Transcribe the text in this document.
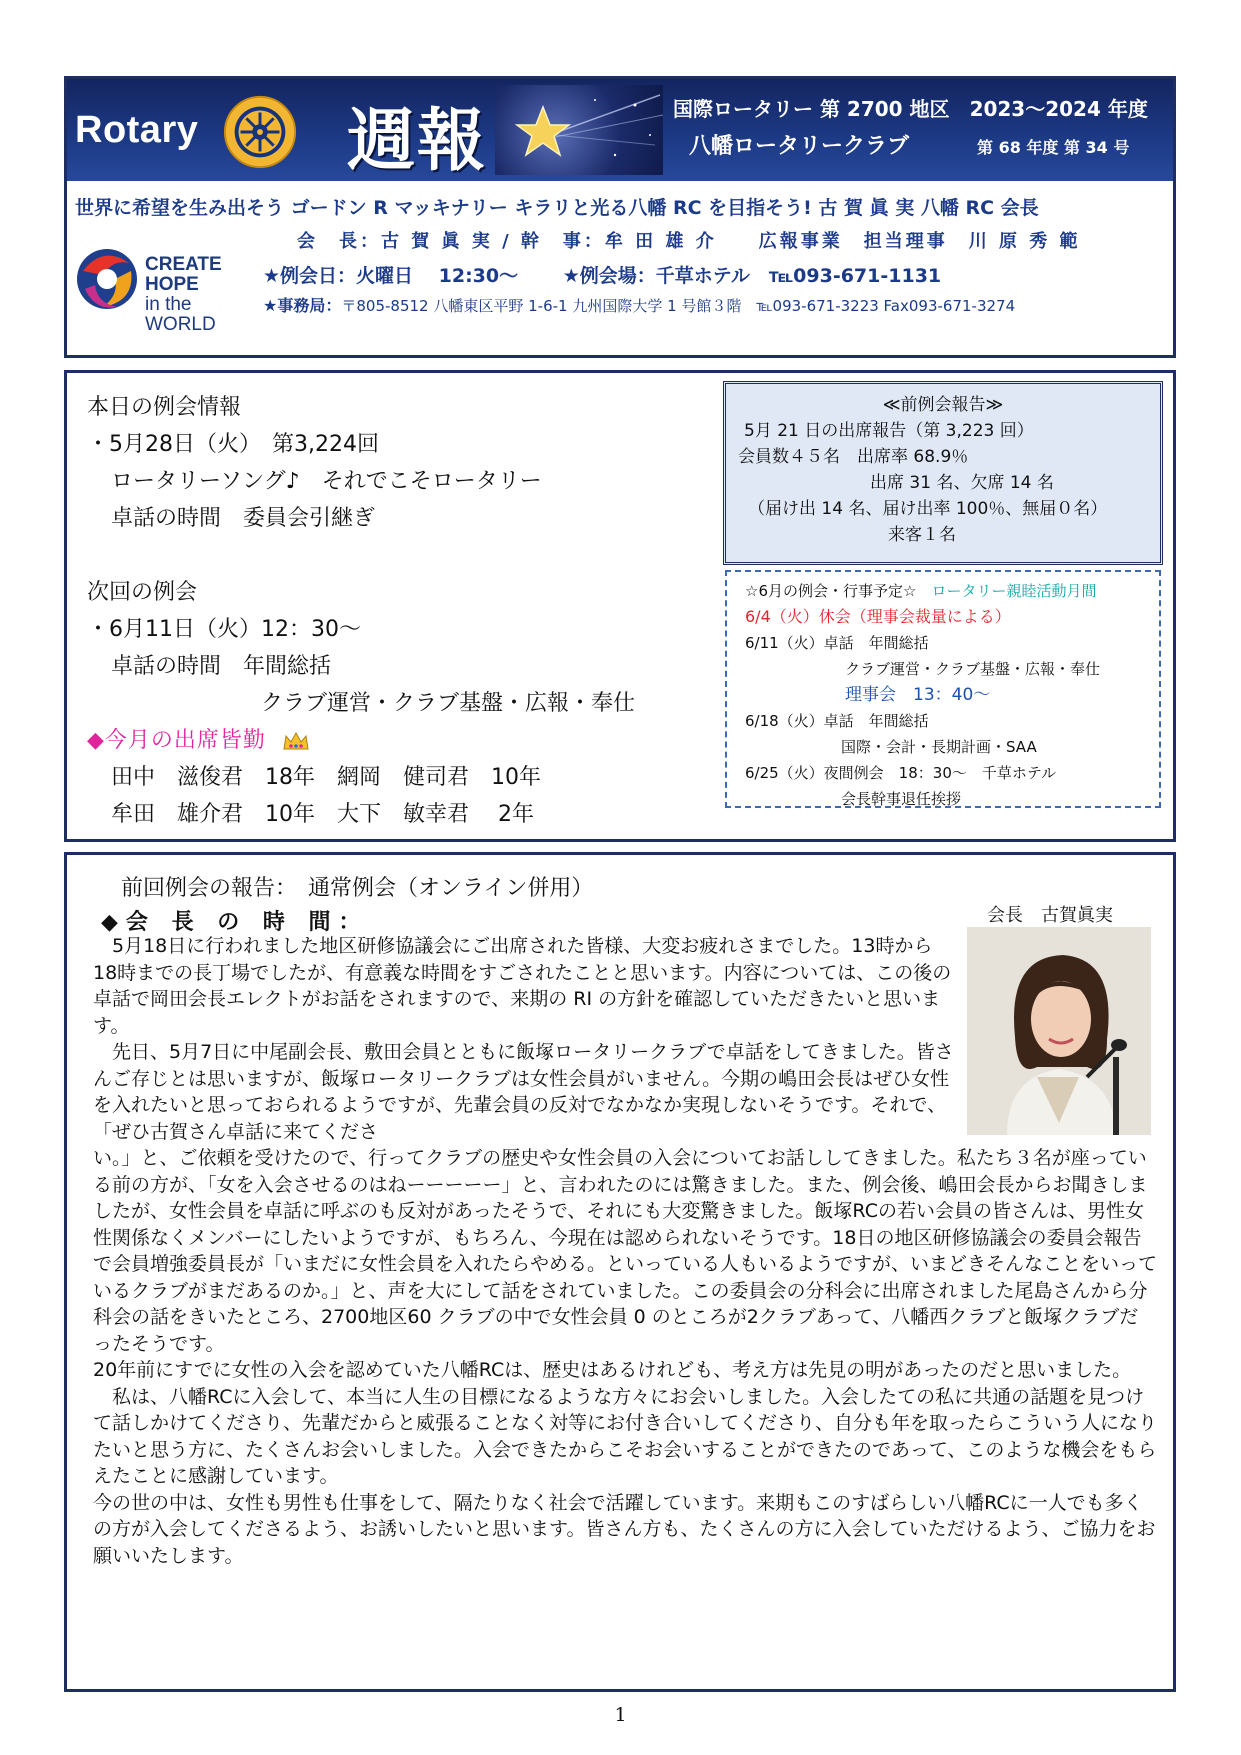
Rotary 週報	国際ロータリー 第 2700 地区 2023〜2024 年度
八幡ロータリークラブ	第 68 年度 第 34 号
世界に希望を生み出そう ゴードン R マッキナリー キラリと光る八幡 RC を目指そう! 古 賀 眞 実 八幡 RC 会長
CREATE HOPE
in the WORLD
会　長：古 賀 眞 実 / 幹　事：牟 田 雄 介　　広報事業　担当理事　川 原 秀 範
★例会日：火曜日　 12:30〜 　　★例会場：千草ホテル　℡093-671-1131
★事務局：〒805-8512 八幡東区平野 1-6-1 九州国際大学 1 号館３階　℡093-671-3223 Fax093-671-3274
本日の例会情報
・5月28日（火）　第3,224回
ロータリーソング♪　それでこそロータリー
卓話の時間　委員会引継ぎ
次回の例会
・6月11日（火）12：30〜
卓話の時間　年間総括
クラブ運営・クラブ基盤・広報・奉仕
◆今月の出席皆勤
田中　滋俊君　18年　網岡　健司君　10年
牟田　雄介君　10年　大下　敏幸君　 2年
≪前例会報告≫
5月 21 日の出席報告（第 3,223 回）
会員数４５名　出席率 68.9％
出席 31 名、欠席 14 名
（届け出 14 名、届け出率 100％、無届０名）
来客１名
☆6月の例会・行事予定☆　 ロータリー親睦活動月間
6/4（火）休会（理事会裁量による）
6/11（火）卓話　年間総括
クラブ運営・クラブ基盤・広報・奉仕
理事会　13：40〜
6/18（火）卓話　年間総括
国際・会計・長期計画・SAA
6/25（火）夜間例会　18：30〜　千草ホテル
会長幹事退任挨拶
前回例会の報告：　通常例会（オンライン併用）
◆会 長 の 時 間：	会長　古賀眞実

　5月18日に行われました地区研修協議会にご出席された皆様、大変お疲れさまでした。13時から18時までの長丁場でしたが、有意義な時間をすごされたことと思います。内容については、この後の卓話で岡田会長エレクトがお話をされますので、来期の RI の方針を確認していただきたいと思います。

　先日、5月7日に中尾副会長、敷田会員とともに飯塚ロータリークラブで卓話をしてきました。皆さんご存じとは思いますが、飯塚ロータリークラブは女性会員がいません。今期の嶋田会長はぜひ女性を入れたいと思っておられるようですが、先輩会員の反対でなかなか実現しないそうです。それで、「ぜひ古賀さん卓話に来てくださ

い。」と、ご依頼を受けたので、行ってクラブの歴史や女性会員の入会についてお話ししてきました。私たち３名が座っている前の方が、「女を入会させるのはねーーーーー」と、言われたのには驚きました。また、例会後、嶋田会長からお聞きしましたが、女性会員を卓話に呼ぶのも反対があったそうで、それにも大変驚きました。飯塚RCの若い会員の皆さんは、男性女性関係なくメンバーにしたいようですが、もちろん、今現在は認められないそうです。18日の地区研修協議会の委員会報告で会員増強委員長が「いまだに女性会員を入れたらやめる。といっている人もいるようですが、いまどきそんなことをいっているクラブがまだあるのか。」と、声を大にして話をされていました。この委員会の分科会に出席されました尾島さんから分科会の話をきいたところ、2700地区60 クラブの中で女性会員 0 のところが2クラブあって、八幡西クラブと飯塚クラブだったそうです。

20年前にすでに女性の入会を認めていた八幡RCは、歴史はあるけれども、考え方は先見の明があったのだと思いました。

　私は、八幡RCに入会して、本当に人生の目標になるような方々にお会いしました。入会したての私に共通の話題を見つけて話しかけてくださり、先輩だからと威張ることなく対等にお付き合いしてくださり、自分も年を取ったらこういう人になりたいと思う方に、たくさんお会いしました。入会できたからこそお会いすることができたのであって、このような機会をもらえたことに感謝しています。

今の世の中は、女性も男性も仕事をして、隔たりなく社会で活躍しています。来期もこのすばらしい八幡RCに一人でも多くの方が入会してくださるよう、お誘いしたいと思います。皆さん方も、たくさんの方に入会していただけるよう、ご協力をお願いいたします。

1
